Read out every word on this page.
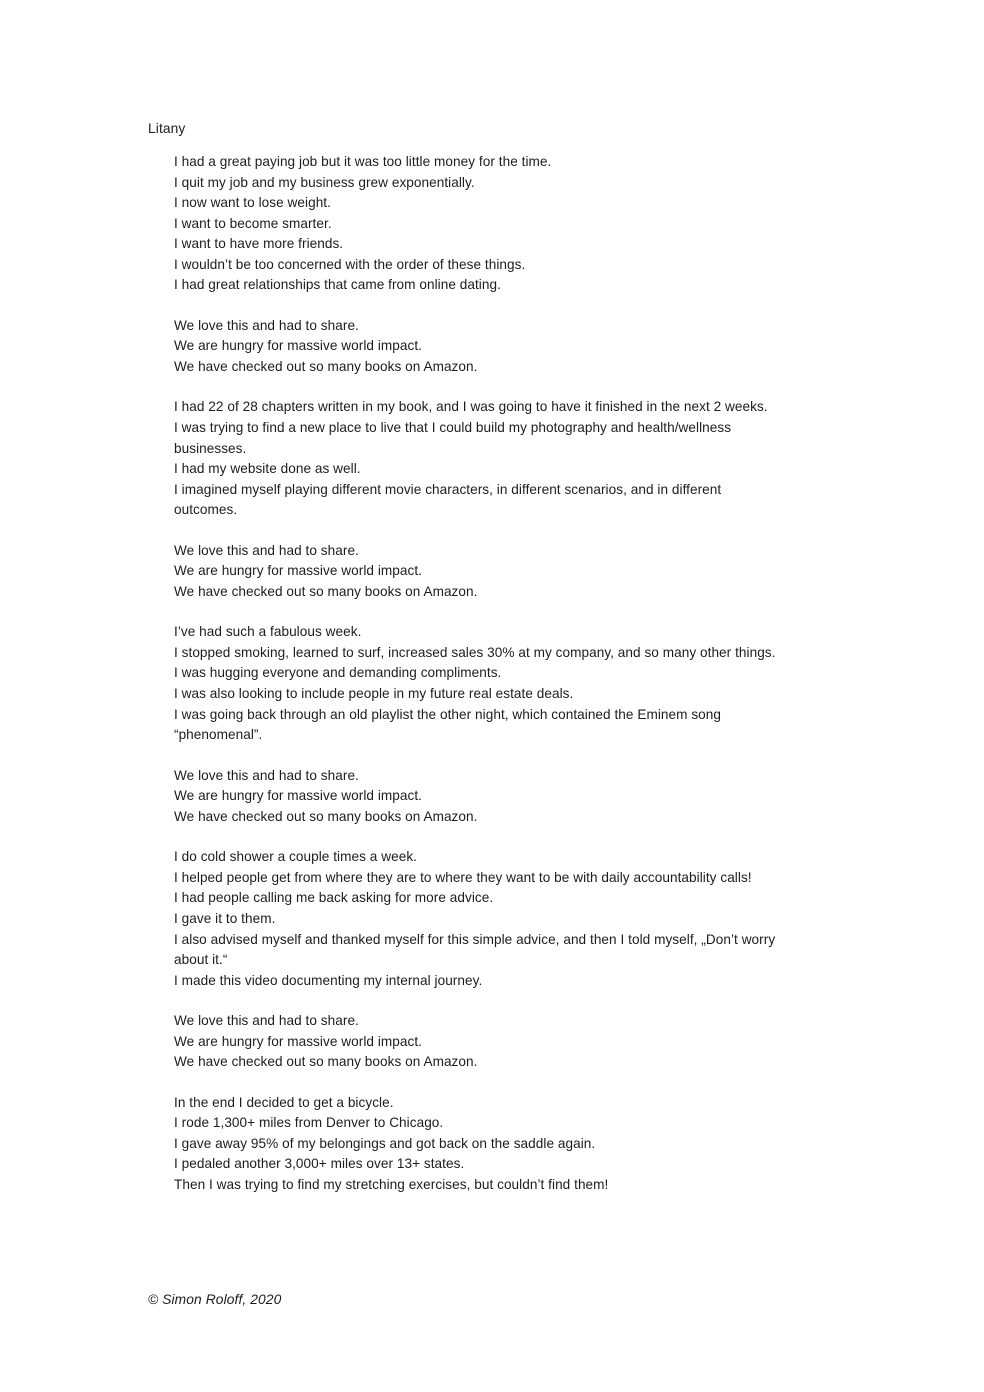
Litany
I had a great paying job but it was too little money for the time.
I quit my job and my business grew exponentially.
I now want to lose weight.
I want to become smarter.
I want to have more friends.
I wouldn’t be too concerned with the order of these things.
I had great relationships that came from online dating.
We love this and had to share.
We are hungry for massive world impact.
We have checked out so many books on Amazon.
I had 22 of 28 chapters written in my book, and I was going to have it finished in the next 2 weeks.
I was trying to find a new place to live that I could build my photography and health/wellness
businesses.
I had my website done as well.
I imagined myself playing different movie characters, in different scenarios, and in different
outcomes.
We love this and had to share.
We are hungry for massive world impact.
We have checked out so many books on Amazon.
I’ve had such a fabulous week.
I stopped smoking, learned to surf, increased sales 30% at my company, and so many other things.
I was hugging everyone and demanding compliments.
I was also looking to include people in my future real estate deals.
I was going back through an old playlist the other night, which contained the Eminem song
“phenomenal”.
We love this and had to share.
We are hungry for massive world impact.
We have checked out so many books on Amazon.
I do cold shower a couple times a week.
I helped people get from where they are to where they want to be with daily accountability calls!
I had people calling me back asking for more advice.
I gave it to them.
I also advised myself and thanked myself for this simple advice, and then I told myself, „Don’t worry
about it.“
I made this video documenting my internal journey.
We love this and had to share.
We are hungry for massive world impact.
We have checked out so many books on Amazon.
In the end I decided to get a bicycle.
I rode 1,300+ miles from Denver to Chicago.
I gave away 95% of my belongings and got back on the saddle again.
I pedaled another 3,000+ miles over 13+ states.
Then I was trying to find my stretching exercises, but couldn’t find them!
© Simon Roloff, 2020
